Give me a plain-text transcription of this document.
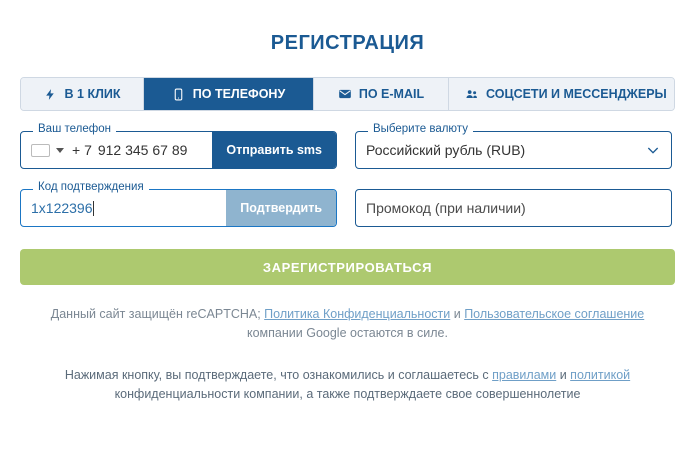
РЕГИСТРАЦИЯ
В 1 КЛИК	ПО ТЕЛЕФОНУ	ПО E-MAIL	СОЦСЕТИ И МЕССЕНДЖЕРЫ
Ваш телефон
+ 7 912 345 67 89	Отправить sms
Выберите валюту
Российский рубль (RUB)
Код подтверждения
1х122396	Подтвердить
Промокод (при наличии)
ЗАРЕГИСТРИРОВАТЬСЯ
Данный сайт защищён reCAPTCHA; Политика Конфиденциальности и Пользовательское соглашение компании Google остаются в силе.
Нажимая кнопку, вы подтверждаете, что ознакомились и соглашаетесь с правилами и политикой конфиденциальности компании, а также подтверждаете свое совершеннолетие
